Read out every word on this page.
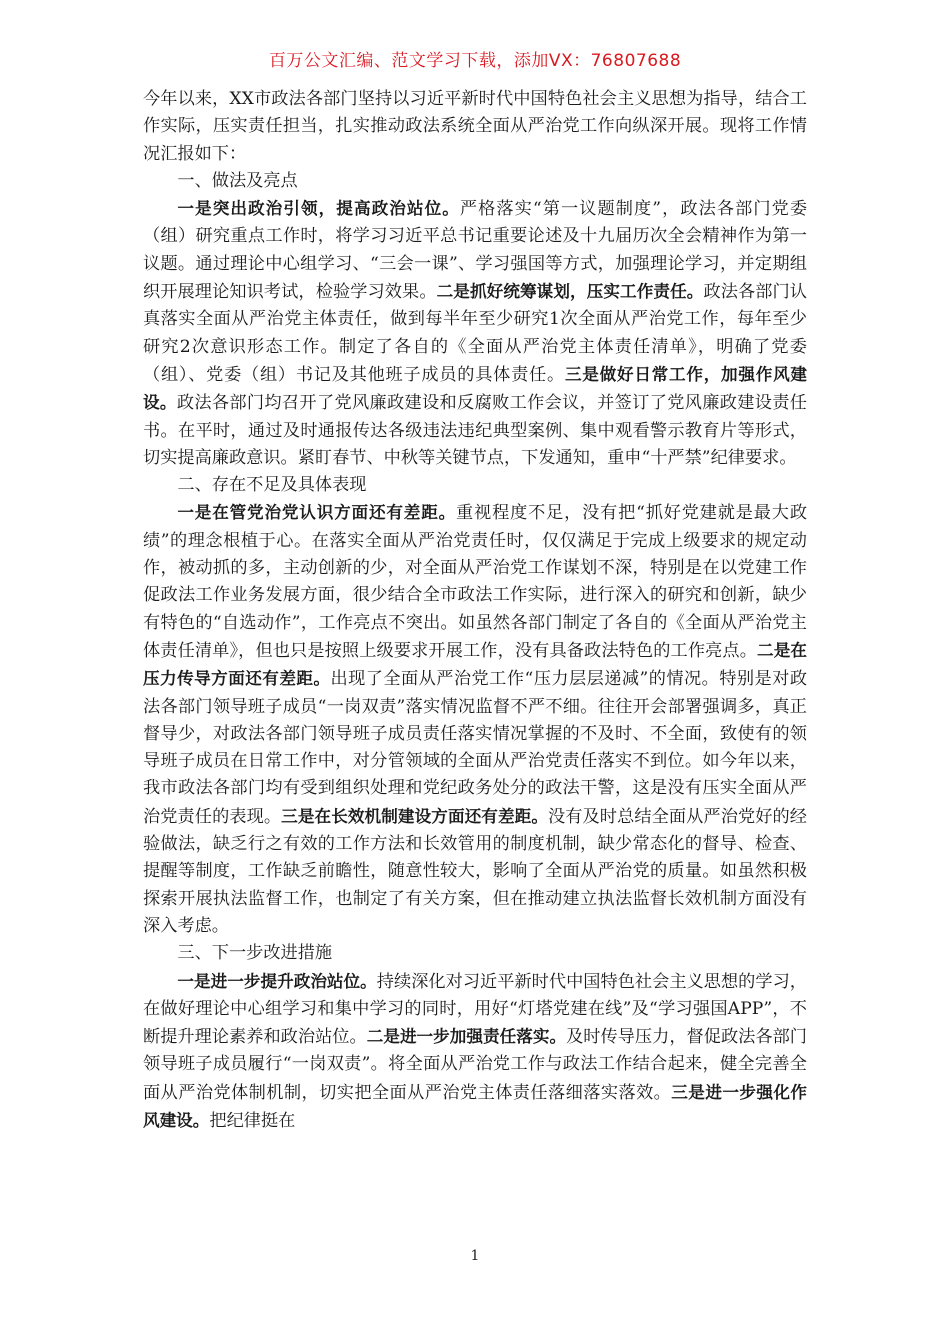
百万公文汇编、范文学习下载，添加VX：76807688

今年以来，XX市政法各部门坚持以习近平新时代中国特色社会主义思想为指导，结合工作实际，压实责任担当，扎实推动政法系统全面从严治党工作向纵深开展。现将工作情况汇报如下：

一、做法及亮点

一是突出政治引领，提高政治站位。严格落实“第一议题制度”，政法各部门党委（组）研究重点工作时，将学习习近平总书记重要论述及十九届历次全会精神作为第一议题。通过理论中心组学习、“三会一课”、学习强国等方式，加强理论学习，并定期组织开展理论知识考试，检验学习效果。二是抓好统筹谋划，压实工作责任。政法各部门认真落实全面从严治党主体责任，做到每半年至少研究1次全面从严治党工作，每年至少研究2次意识形态工作。制定了各自的《全面从严治党主体责任清单》，明确了党委（组）、党委（组）书记及其他班子成员的具体责任。三是做好日常工作，加强作风建设。政法各部门均召开了党风廉政建设和反腐败工作会议，并签订了党风廉政建设责任书。在平时，通过及时通报传达各级违法违纪典型案例、集中观看警示教育片等形式，切实提高廉政意识。紧盯春节、中秋等关键节点，下发通知，重申“十严禁”纪律要求。

二、存在不足及具体表现

一是在管党治党认识方面还有差距。重视程度不足，没有把“抓好党建就是最大政绩”的理念根植于心。在落实全面从严治党责任时，仅仅满足于完成上级要求的规定动作，被动抓的多，主动创新的少，对全面从严治党工作谋划不深，特别是在以党建工作促政法工作业务发展方面，很少结合全市政法工作实际，进行深入的研究和创新，缺少有特色的“自选动作”，工作亮点不突出。如虽然各部门制定了各自的《全面从严治党主体责任清单》，但也只是按照上级要求开展工作，没有具备政法特色的工作亮点。二是在压力传导方面还有差距。出现了全面从严治党工作“压力层层递减”的情况。特别是对政法各部门领导班子成员“一岗双责”落实情况监督不严不细。往往开会部署强调多，真正督导少，对政法各部门领导班子成员责任落实情况掌握的不及时、不全面，致使有的领导班子成员在日常工作中，对分管领域的全面从严治党责任落实不到位。如今年以来，我市政法各部门均有受到组织处理和党纪政务处分的政法干警，这是没有压实全面从严治党责任的表现。三是在长效机制建设方面还有差距。没有及时总结全面从严治党好的经验做法，缺乏行之有效的工作方法和长效管用的制度机制，缺少常态化的督导、检查、提醒等制度，工作缺乏前瞻性，随意性较大，影响了全面从严治党的质量。如虽然积极探索开展执法监督工作，也制定了有关方案，但在推动建立执法监督长效机制方面没有深入考虑。

三、下一步改进措施

一是进一步提升政治站位。持续深化对习近平新时代中国特色社会主义思想的学习，在做好理论中心组学习和集中学习的同时，用好“灯塔党建在线”及“学习强国APP”，不断提升理论素养和政治站位。二是进一步加强责任落实。及时传导压力，督促政法各部门领导班子成员履行“一岗双责”。将全面从严治党工作与政法工作结合起来，健全完善全面从严治党体制机制，切实把全面从严治党主体责任落细落实落效。三是进一步强化作风建设。把纪律挺在

1
